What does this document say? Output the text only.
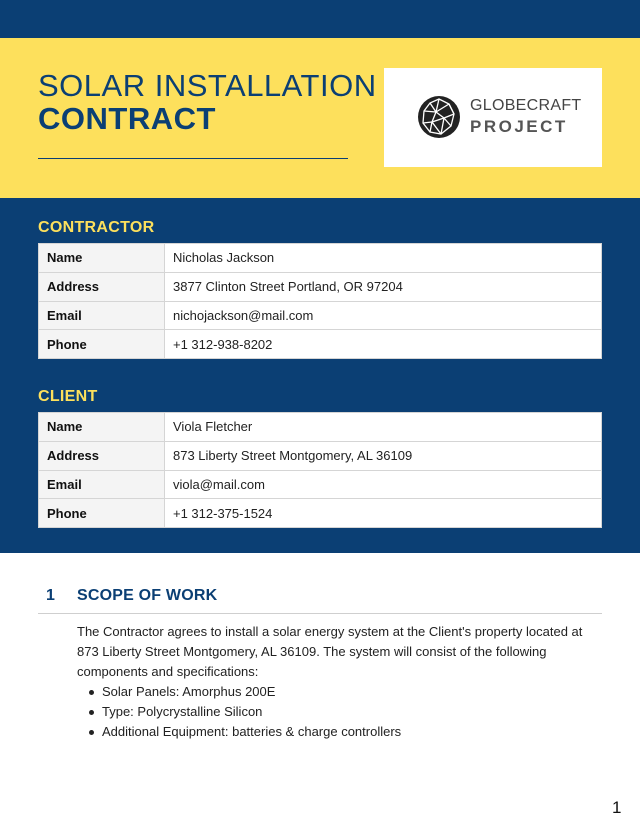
SOLAR INSTALLATION
CONTRACT	GLOBECRAFT
PROJECT
CONTRACTOR
Name	Nicholas Jackson
Address	3877 Clinton Street Portland, OR 97204
Email	nichojackson@mail.com
Phone	+1 312-938-8202
CLIENT
Name	Viola Fletcher
Address	873 Liberty Street Montgomery, AL 36109
Email	viola@mail.com
Phone	+1 312-375-1524
1 SCOPE OF WORK

The Contractor agrees to install a solar energy system at the Client's property located at 873 Liberty Street Montgomery, AL 36109. The system will consist of the following components and specifications:

Solar Panels: Amorphus 200E
Type: Polycrystalline Silicon
Additional Equipment: batteries & charge controllers
1
